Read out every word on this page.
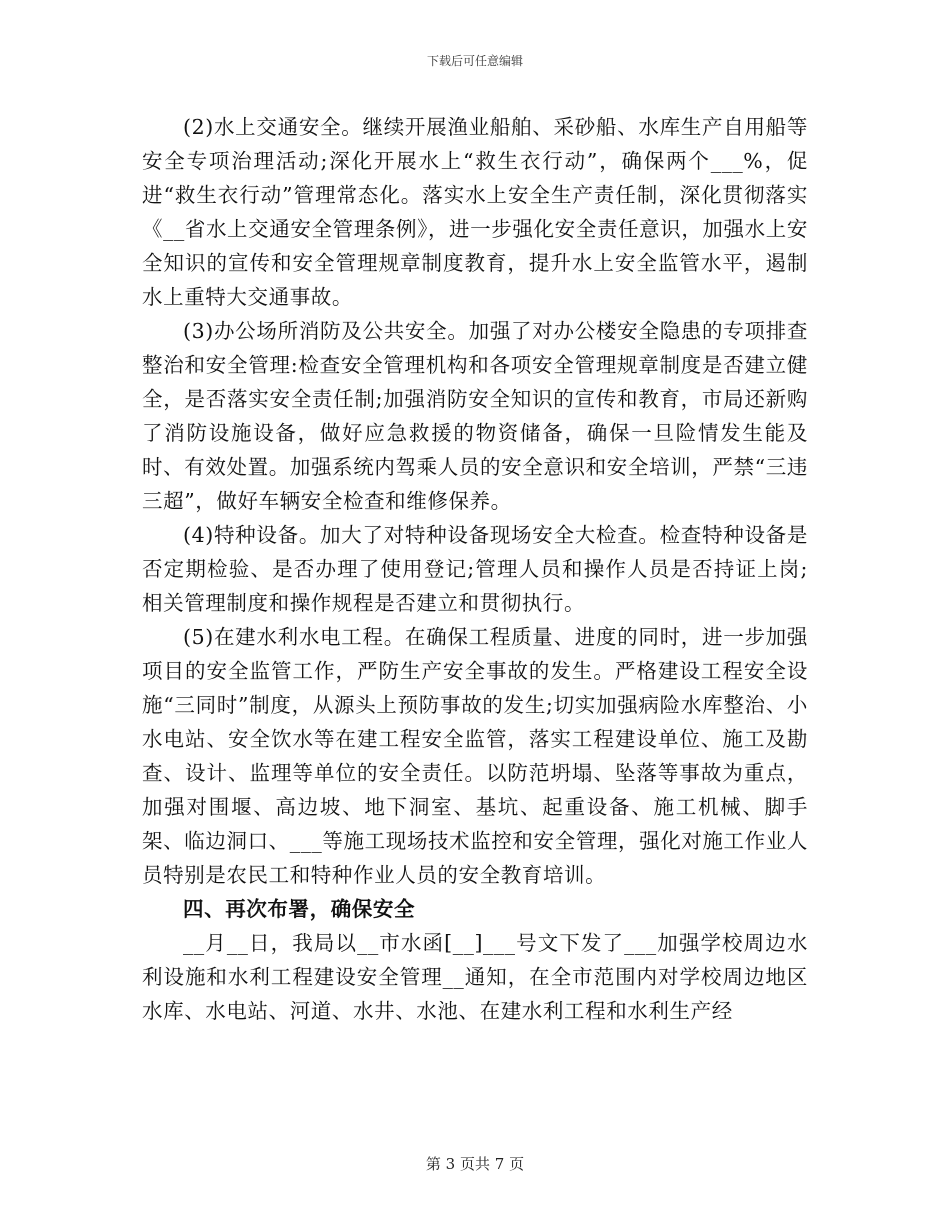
下载后可任意编辑

(2)水上交通安全。继续开展渔业船舶、采砂船、水库生产自用船等安全专项治理活动;深化开展水上“救生衣行动”，确保两个___%，促进“救生衣行动”管理常态化。落实水上安全生产责任制，深化贯彻落实《__省水上交通安全管理条例》，进一步强化安全责任意识，加强水上安全知识的宣传和安全管理规章制度教育，提升水上安全监管水平，遏制水上重特大交通事故。

(3)办公场所消防及公共安全。加强了对办公楼安全隐患的专项排查整治和安全管理:检查安全管理机构和各项安全管理规章制度是否建立健全，是否落实安全责任制;加强消防安全知识的宣传和教育，市局还新购了消防设施设备，做好应急救援的物资储备，确保一旦险情发生能及时、有效处置。加强系统内驾乘人员的安全意识和安全培训，严禁“三违三超”，做好车辆安全检查和维修保养。

(4)特种设备。加大了对特种设备现场安全大检查。检查特种设备是否定期检验、是否办理了使用登记;管理人员和操作人员是否持证上岗;相关管理制度和操作规程是否建立和贯彻执行。

(5)在建水利水电工程。在确保工程质量、进度的同时，进一步加强项目的安全监管工作，严防生产安全事故的发生。严格建设工程安全设施“三同时”制度，从源头上预防事故的发生;切实加强病险水库整治、小水电站、安全饮水等在建工程安全监管，落实工程建设单位、施工及勘查、设计、监理等单位的安全责任。以防范坍塌、坠落等事故为重点，加强对围堰、高边坡、地下洞室、基坑、起重设备、施工机械、脚手架、临边洞口、___等施工现场技术监控和安全管理，强化对施工作业人员特别是农民工和特种作业人员的安全教育培训。

四、再次布署，确保安全

__月__日，我局以__市水函[__]___号文下发了___加强学校周边水利设施和水利工程建设安全管理__通知，在全市范围内对学校周边地区水库、水电站、河道、水井、水池、在建水利工程和水利生产经

第 3 页共 7 页
